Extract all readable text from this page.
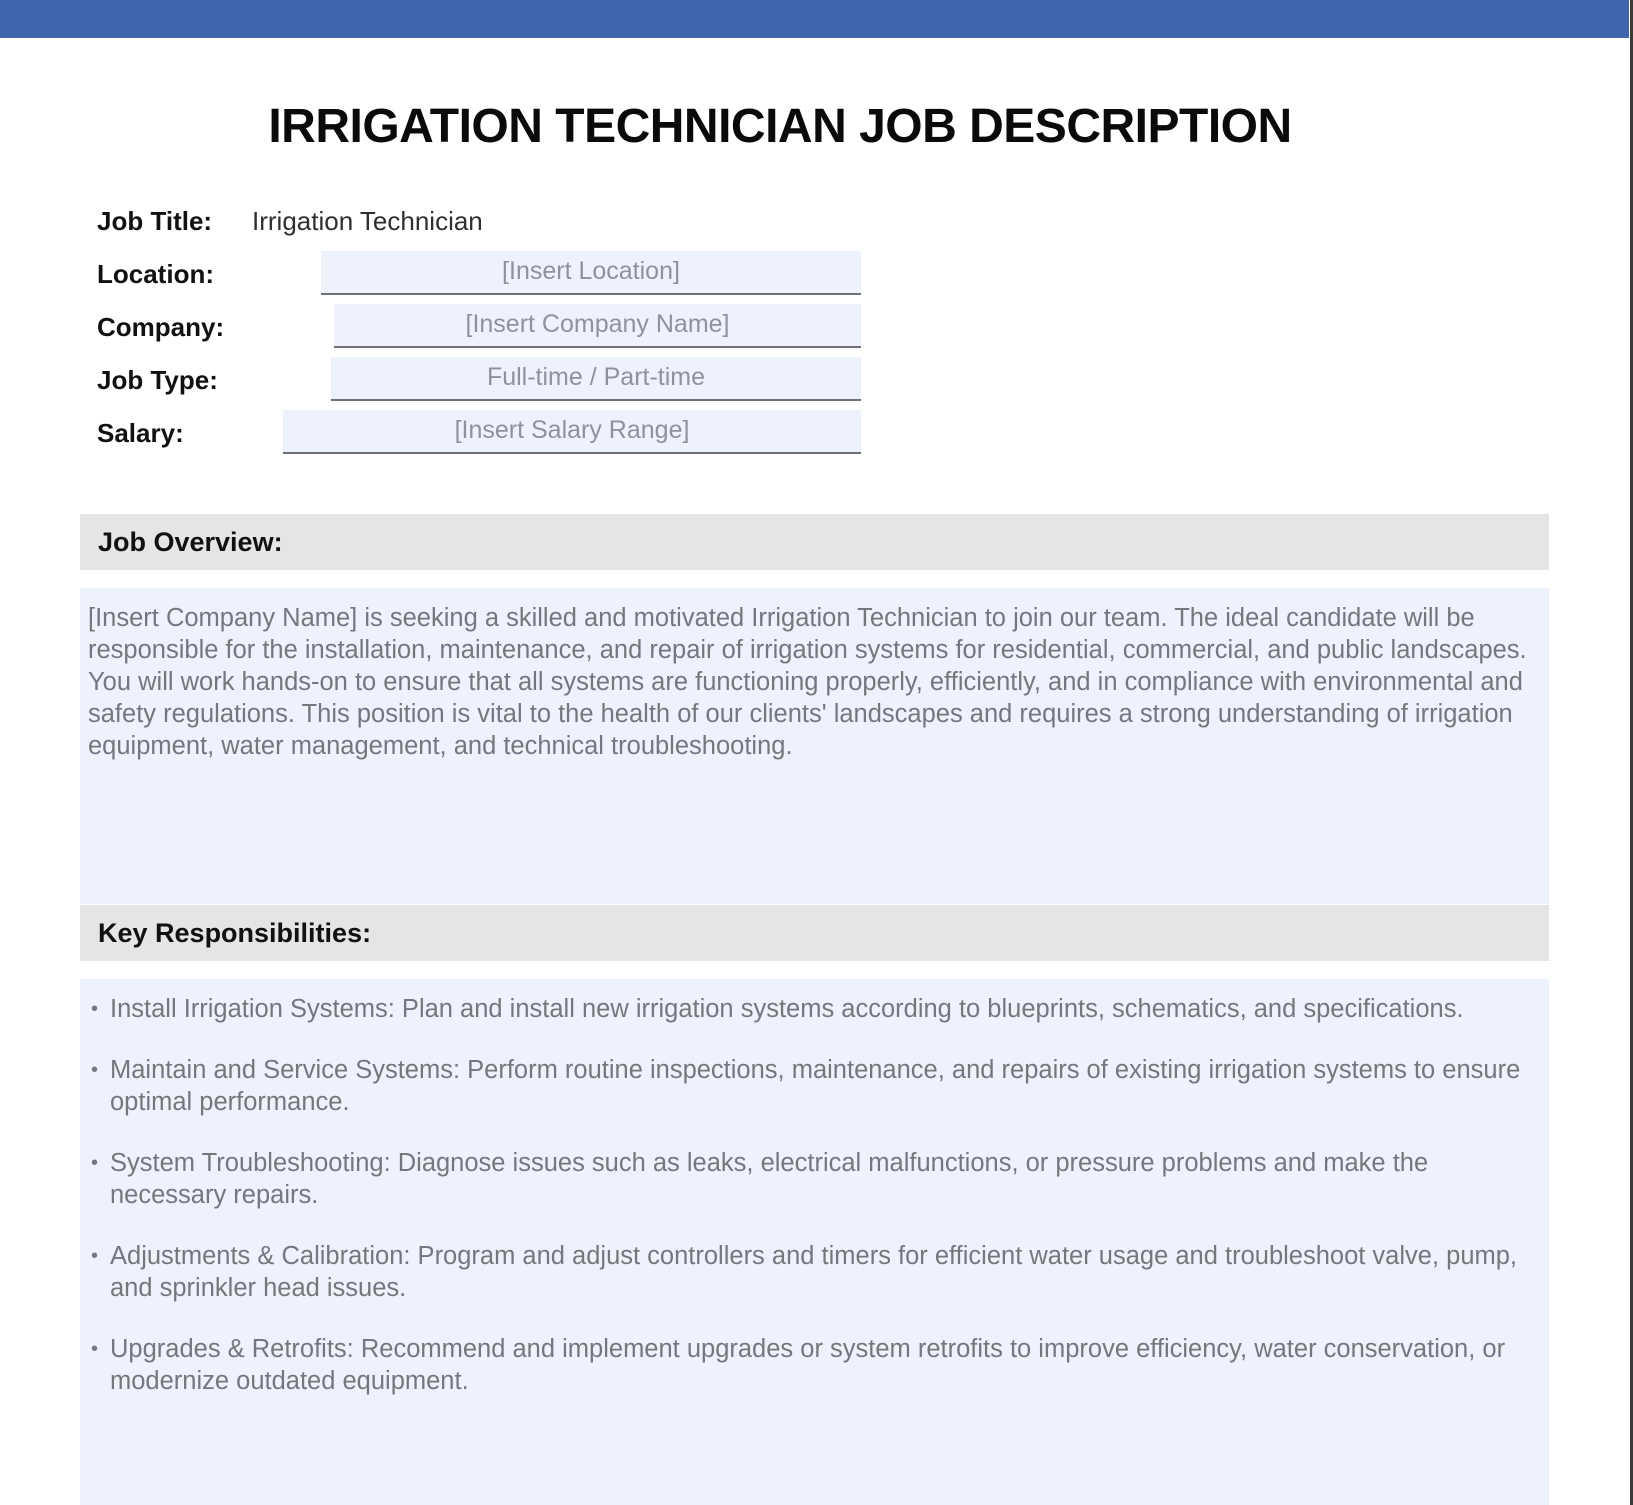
IRRIGATION TECHNICIAN JOB DESCRIPTION
Job Title: Irrigation Technician
Location:	[Insert Location]
Company:	[Insert Company Name]
Job Type:	Full-time / Part-time
Salary:	[Insert Salary Range]
Job Overview:

[Insert Company Name] is seeking a skilled and motivated Irrigation Technician to join our team. The ideal candidate will be responsible for the installation, maintenance, and repair of irrigation systems for residential, commercial, and public landscapes. You will work hands-on to ensure that all systems are functioning properly, efficiently, and in compliance with environmental and safety regulations. This position is vital to the health of our clients' landscapes and requires a strong understanding of irrigation equipment, water management, and technical troubleshooting.

Key Responsibilities:
• Install Irrigation Systems: Plan and install new irrigation systems according to blueprints, schematics, and specifications.
• Maintain and Service Systems: Perform routine inspections, maintenance, and repairs of existing irrigation systems to ensure optimal performance.
• System Troubleshooting: Diagnose issues such as leaks, electrical malfunctions, or pressure problems and make the necessary repairs.
• Adjustments & Calibration: Program and adjust controllers and timers for efficient water usage and troubleshoot valve, pump, and sprinkler head issues.
• Upgrades & Retrofits: Recommend and implement upgrades or system retrofits to improve efficiency, water conservation, or modernize outdated equipment.
